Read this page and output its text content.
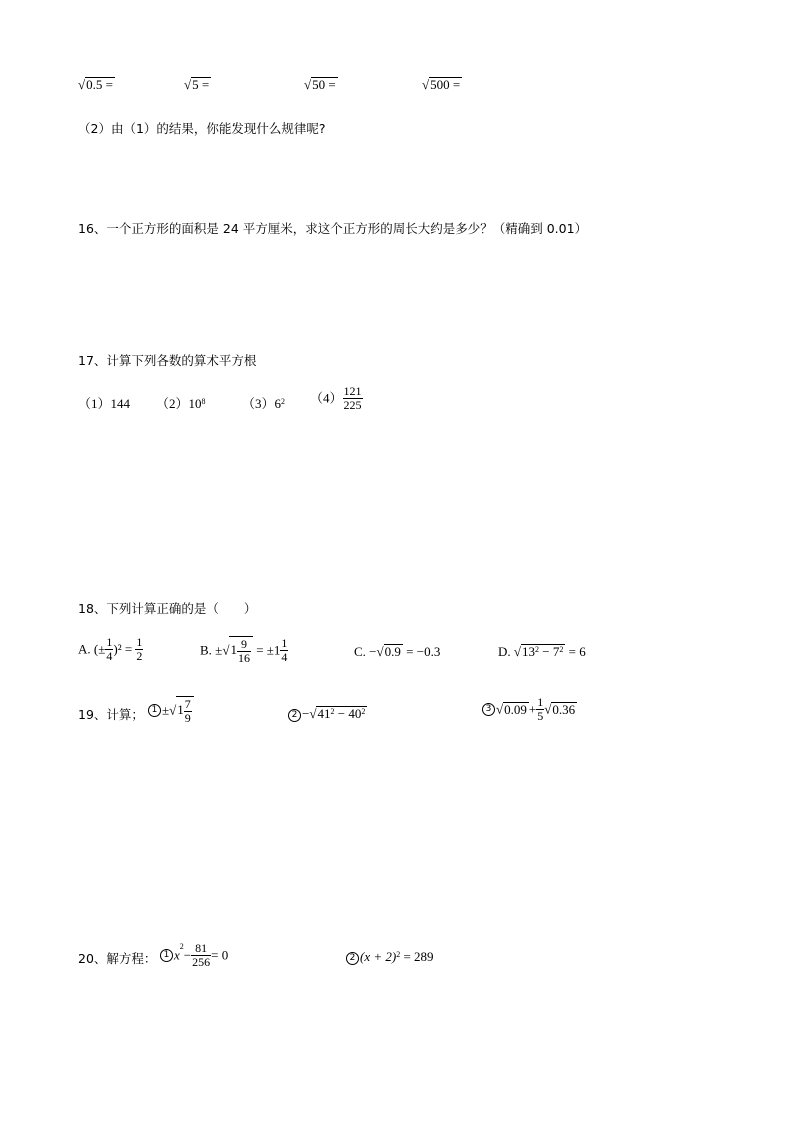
√0.5 =	√5 =	√50 =	√500 =
（2）由（1）的结果，你能发现什么规律呢?
16、一个正方形的面积是 24 平方厘米，求这个正方形的周长大约是多少？（精确到 0.01）
17、计算下列各数的算术平方根
（1）144 $(2)10^8$	$(3)6^2$ $(4) \frac{121}{225}$
18、下列计算正确的是（　　）
A. (± $\frac{1}{4} )^2 = \frac{1}{2}$	B. $\pm√1 \frac{9}{16} = \pm 1 \frac{1}{4}$	C. −√0.9 = −0.3	D. $√13^2 - 7^2 = 6$
19、计算； $1 \pm√1 \frac{7}{9}$	$2 -√41^2 - 40^2$	3 $√0.09 + \frac{1}{5} √0.36$
20、解方程： 1 $x^2- \frac{81}{256} = 0$	2 $(x + 2)^2 = 289$
